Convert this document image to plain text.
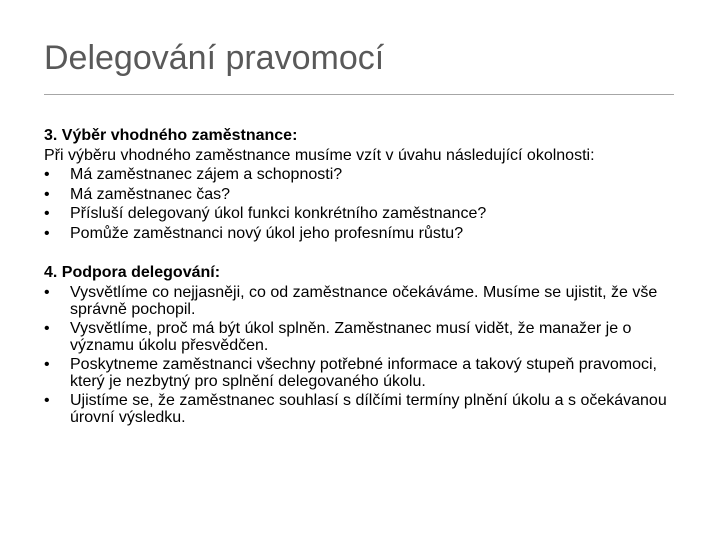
Delegování pravomocí
3. Výběr vhodného zaměstnance:
Při výběru vhodného zaměstnance musíme vzít v úvahu následující okolnosti:
•	Má zaměstnanec zájem a schopnosti?
•	Má zaměstnanec čas?
•	Přísluší delegovaný úkol funkci konkrétního zaměstnance?
•	Pomůže zaměstnanci nový úkol jeho profesnímu růstu?
4. Podpora delegování:
•	Vysvětlíme co nejjasněji, co od zaměstnance očekáváme. Musíme se ujistit, že vše správně pochopil.
•	Vysvětlíme, proč má být úkol splněn. Zaměstnanec musí vidět, že manažer je o významu úkolu přesvědčen.
•	Poskytneme zaměstnanci všechny potřebné informace a takový stupeň pravomoci, který je nezbytný pro splnění delegovaného úkolu.
•	Ujistíme se, že zaměstnanec souhlasí s dílčími termíny plnění úkolu a s očekávanou úrovní výsledku.
